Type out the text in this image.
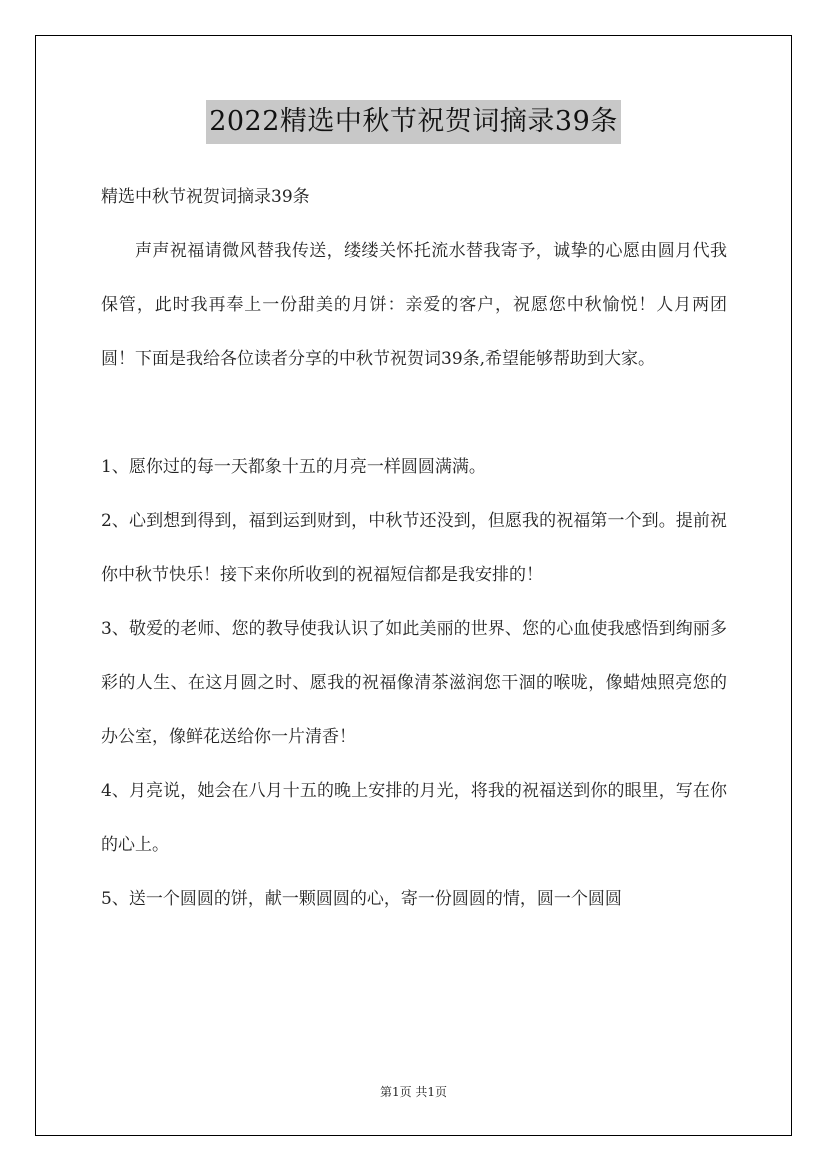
2022精选中秋节祝贺词摘录39条

精选中秋节祝贺词摘录39条

声声祝福请微风替我传送，缕缕关怀托流水替我寄予，诚挚的心愿由圆月代我保管，此时我再奉上一份甜美的月饼：亲爱的客户，祝愿您中秋愉悦！人月两团圆！下面是我给各位读者分享的中秋节祝贺词39条,希望能够帮助到大家。

1、愿你过的每一天都象十五的月亮一样圆圆满满。

2、心到想到得到，福到运到财到，中秋节还没到，但愿我的祝福第一个到。提前祝你中秋节快乐！接下来你所收到的祝福短信都是我安排的！

3、敬爱的老师、您的教导使我认识了如此美丽的世界、您的心血使我感悟到绚丽多彩的人生、在这月圆之时、愿我的祝福像清茶滋润您干涸的喉咙，像蜡烛照亮您的办公室，像鲜花送给你一片清香！

4、月亮说，她会在八月十五的晚上安排的月光，将我的祝福送到你的眼里，写在你的心上。

5、送一个圆圆的饼，献一颗圆圆的心，寄一份圆圆的情，圆一个圆圆

第1页 共1页
